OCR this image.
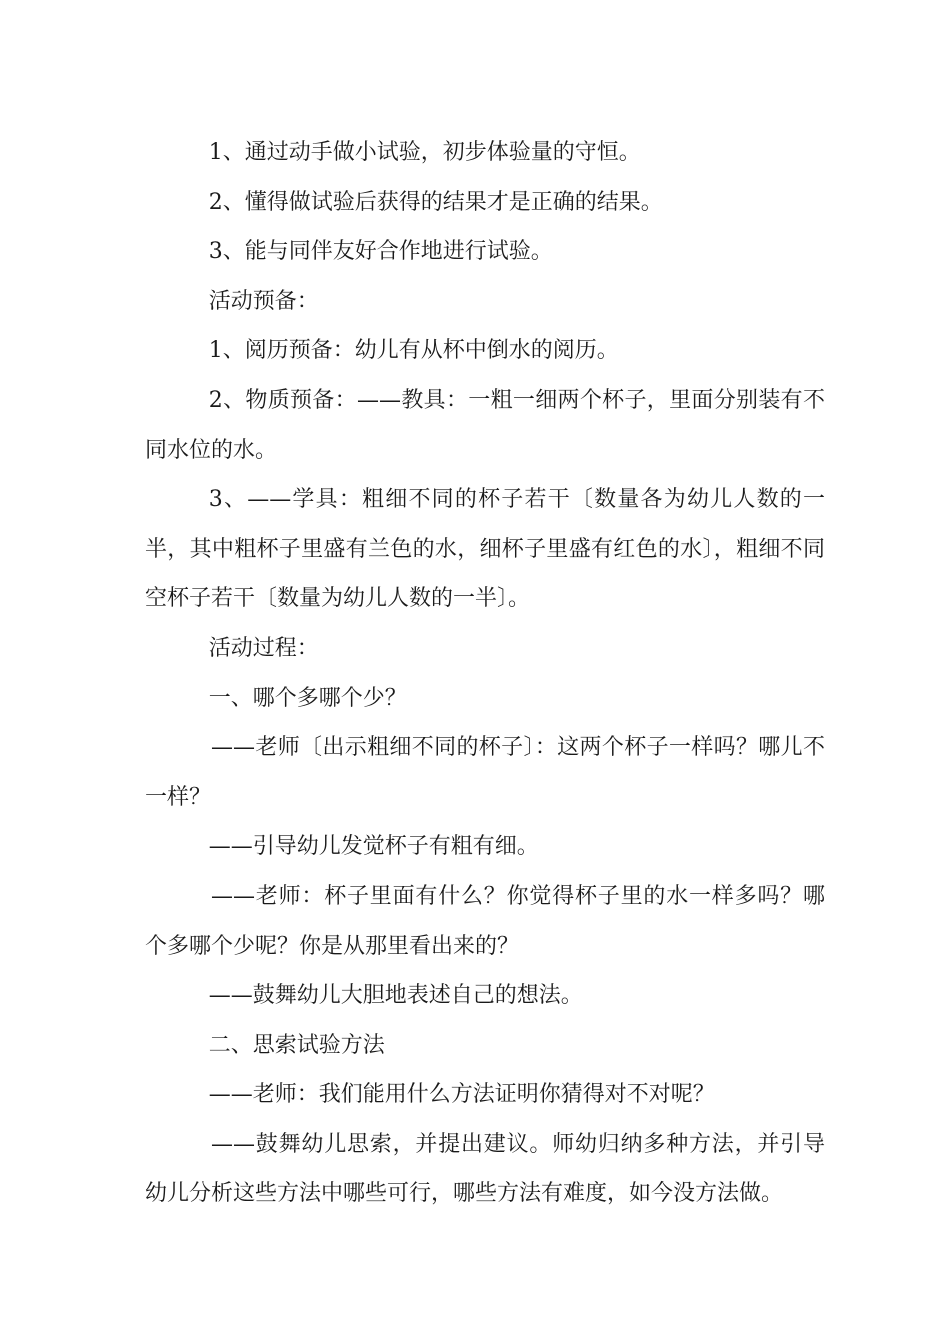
1、通过动手做小试验，初步体验量的守恒。

2、懂得做试验后获得的结果才是正确的结果。

3、能与同伴友好合作地进行试验。

活动预备：

1、阅历预备：幼儿有从杯中倒水的阅历。

2、物质预备：——教具：一粗一细两个杯子，里面分别装有不同水位的水。

3、——学具：粗细不同的杯子若干〔数量各为幼儿人数的一半，其中粗杯子里盛有兰色的水，细杯子里盛有红色的水〕，粗细不同空杯子若干〔数量为幼儿人数的一半〕。

活动过程：

一、哪个多哪个少？

——老师〔出示粗细不同的杯子〕：这两个杯子一样吗？哪儿不一样？

——引导幼儿发觉杯子有粗有细。

——老师：杯子里面有什么？你觉得杯子里的水一样多吗？哪个多哪个少呢？你是从那里看出来的？

——鼓舞幼儿大胆地表述自己的想法。

二、思索试验方法

——老师：我们能用什么方法证明你猜得对不对呢？

——鼓舞幼儿思索，并提出建议。师幼归纳多种方法，并引导幼儿分析这些方法中哪些可行，哪些方法有难度，如今没方法做。
